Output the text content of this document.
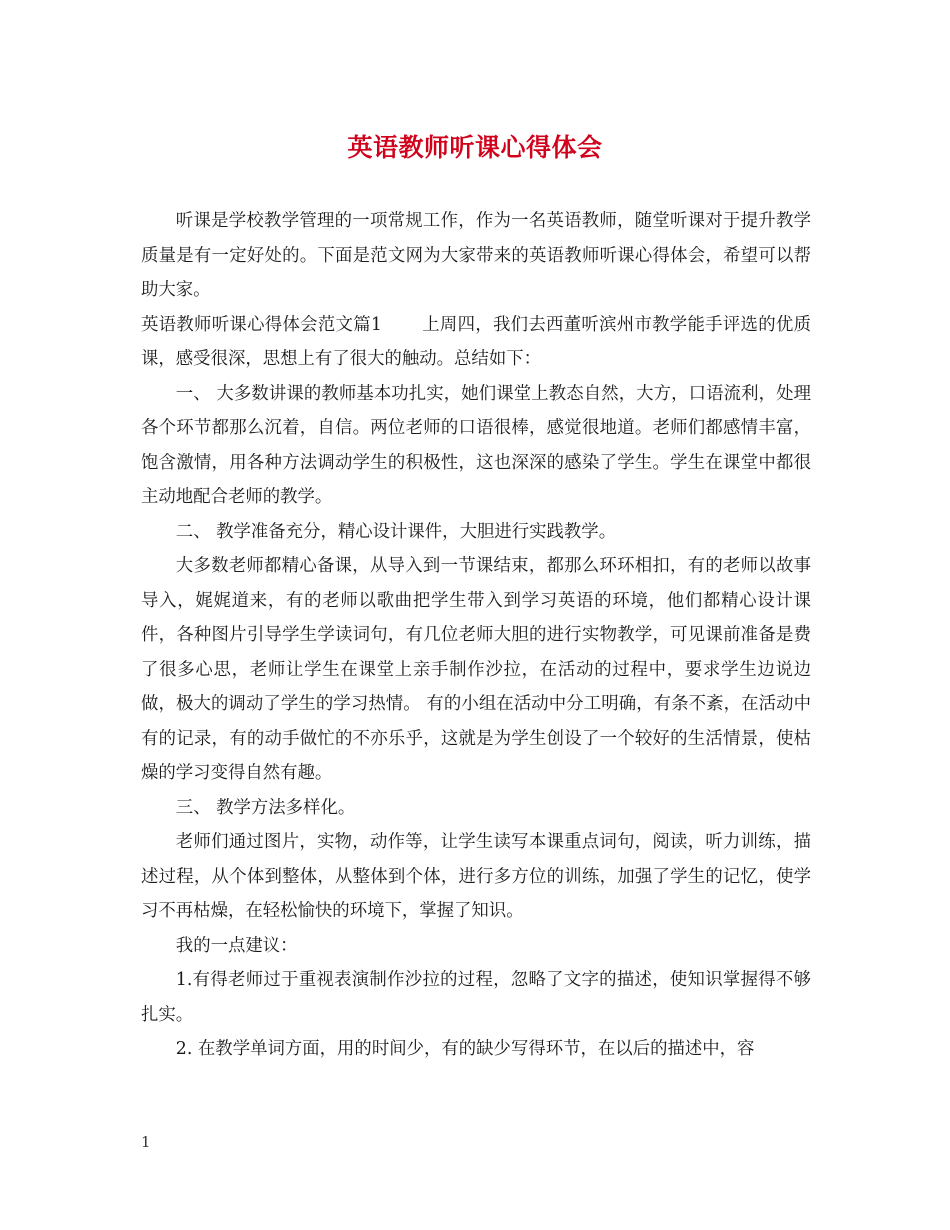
英语教师听课心得体会

听课是学校教学管理的一项常规工作，作为一名英语教师，随堂听课对于提升教学质量是有一定好处的。下面是范文网为大家带来的英语教师听课心得体会，希望可以帮助大家。

英语教师听课心得体会范文篇1 上周四，我们去西董听滨州市教学能手评选的优质课，感受很深，思想上有了很大的触动。总结如下：

一、 大多数讲课的教师基本功扎实，她们课堂上教态自然，大方，口语流利，处理各个环节都那么沉着，自信。两位老师的口语很棒，感觉很地道。老师们都感情丰富，饱含激情，用各种方法调动学生的积极性，这也深深的感染了学生。学生在课堂中都很主动地配合老师的教学。

二、 教学准备充分，精心设计课件，大胆进行实践教学。

大多数老师都精心备课，从导入到一节课结束，都那么环环相扣，有的老师以故事导入，娓娓道来，有的老师以歌曲把学生带入到学习英语的环境，他们都精心设计课件，各种图片引导学生学读词句，有几位老师大胆的进行实物教学，可见课前准备是费了很多心思，老师让学生在课堂上亲手制作沙拉，在活动的过程中，要求学生边说边做，极大的调动了学生的学习热情。 有的小组在活动中分工明确，有条不紊，在活动中有的记录，有的动手做忙的不亦乐乎，这就是为学生创设了一个较好的生活情景，使枯燥的学习变得自然有趣。

三、 教学方法多样化。

老师们通过图片，实物，动作等，让学生读写本课重点词句，阅读，听力训练，描述过程，从个体到整体，从整体到个体，进行多方位的训练，加强了学生的记忆，使学习不再枯燥，在轻松愉快的环境下，掌握了知识。

我的一点建议：

1.有得老师过于重视表演制作沙拉的过程，忽略了文字的描述，使知识掌握得不够扎实。

2. 在教学单词方面，用的时间少，有的缺少写得环节，在以后的描述中，容

1
